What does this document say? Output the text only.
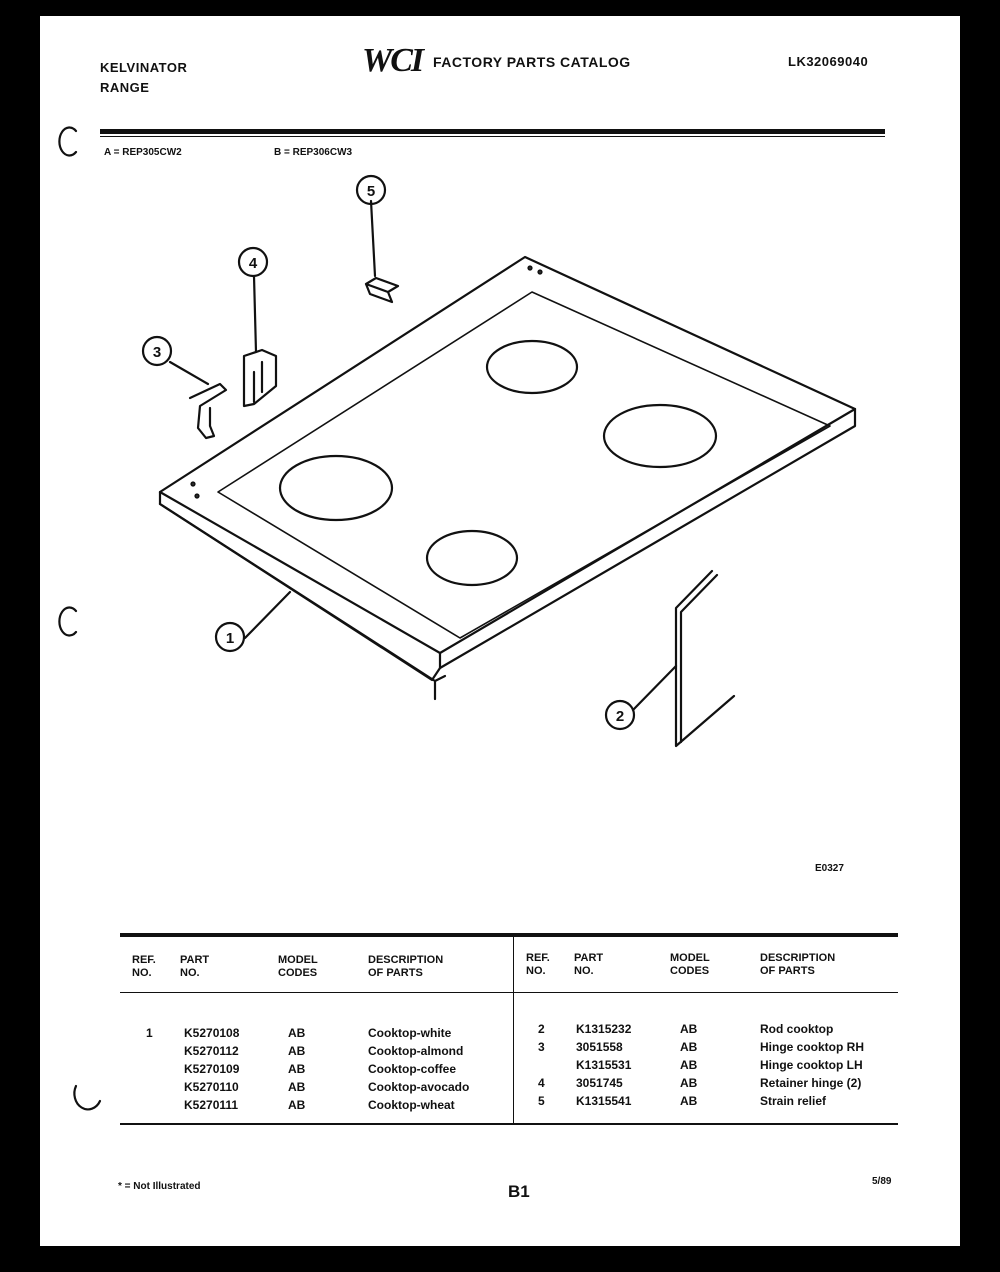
KELVINATOR
RANGE
WCI FACTORY PARTS CATALOG	LK32069040
A = REP305CW2	B = REP306CW3
5
4
3
1
2
E0327
REF.
NO.
PART
NO.
MODEL
CODES
DESCRIPTION
OF PARTS
REF.
NO.
PART
NO.
MODEL
CODES
DESCRIPTION
OF PARTS
1	K5270108	AB	Cooktop-white
K5270112	AB	Cooktop-almond
K5270109	AB	Cooktop-coffee
K5270110	AB	Cooktop-avocado
K5270111	AB	Cooktop-wheat
2	K1315232	AB	Rod cooktop
3	3051558	AB	Hinge cooktop RH
K1315531	AB	Hinge cooktop LH
4	3051745	AB	Retainer hinge (2)
5	K1315541	AB	Strain relief
* = Not Illustrated	B1
5/89
